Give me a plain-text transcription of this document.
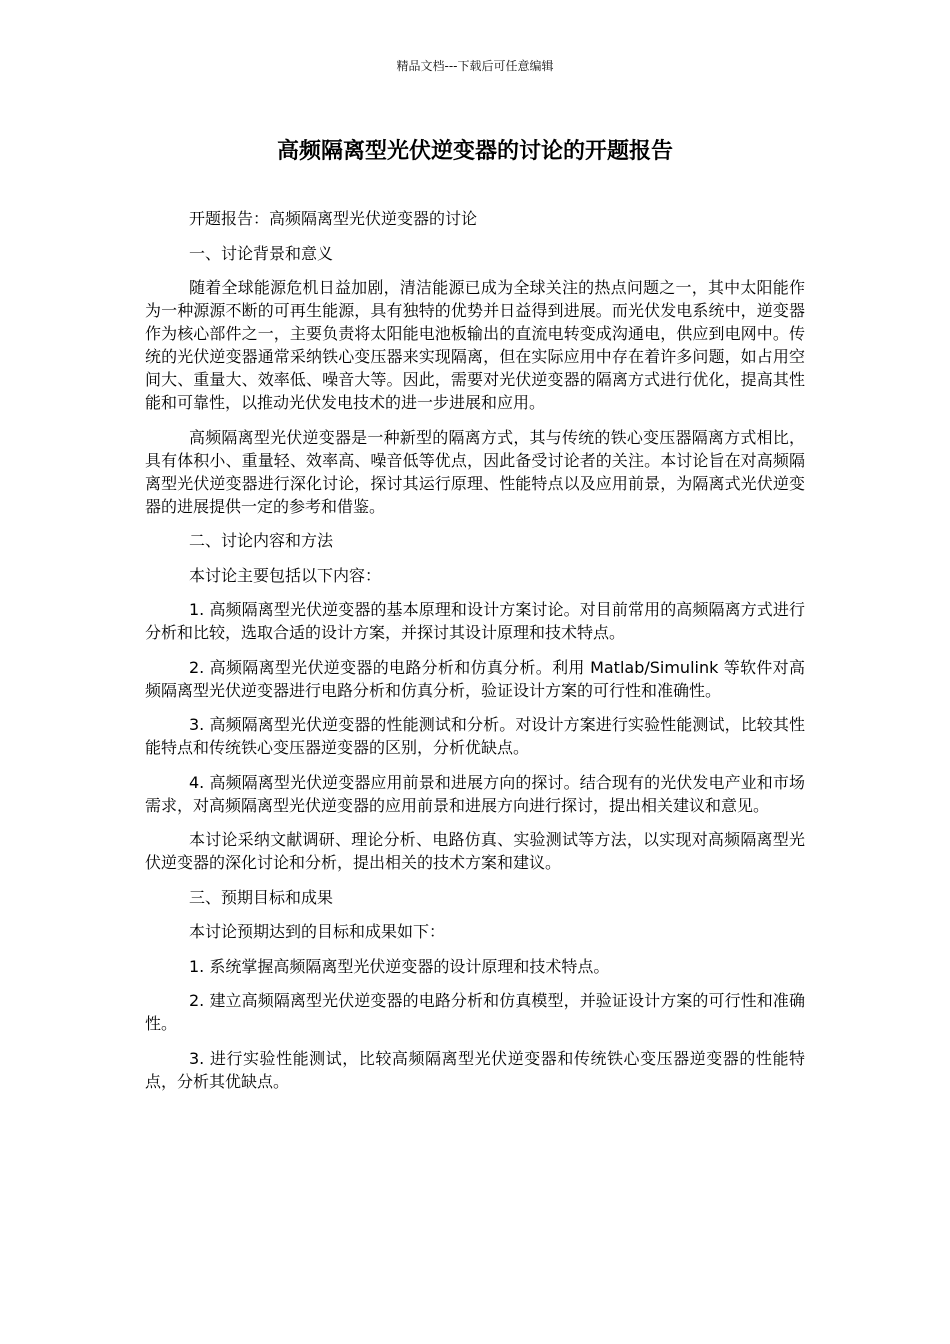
精品文档---下载后可任意编辑
高频隔离型光伏逆变器的讨论的开题报告

开题报告：高频隔离型光伏逆变器的讨论

一、讨论背景和意义

随着全球能源危机日益加剧，清洁能源已成为全球关注的热点问题之一，其中太阳能作为一种源源不断的可再生能源，具有独特的优势并日益得到进展。而光伏发电系统中，逆变器作为核心部件之一，主要负责将太阳能电池板输出的直流电转变成沟通电，供应到电网中。传统的光伏逆变器通常采纳铁心变压器来实现隔离，但在实际应用中存在着许多问题，如占用空间大、重量大、效率低、噪音大等。因此，需要对光伏逆变器的隔离方式进行优化，提高其性能和可靠性，以推动光伏发电技术的进一步进展和应用。

高频隔离型光伏逆变器是一种新型的隔离方式，其与传统的铁心变压器隔离方式相比，具有体积小、重量轻、效率高、噪音低等优点，因此备受讨论者的关注。本讨论旨在对高频隔离型光伏逆变器进行深化讨论，探讨其运行原理、性能特点以及应用前景，为隔离式光伏逆变器的进展提供一定的参考和借鉴。

二、讨论内容和方法

本讨论主要包括以下内容：

1. 高频隔离型光伏逆变器的基本原理和设计方案讨论。对目前常用的高频隔离方式进行分析和比较，选取合适的设计方案，并探讨其设计原理和技术特点。

2. 高频隔离型光伏逆变器的电路分析和仿真分析。利用 Matlab/Simulink 等软件对高频隔离型光伏逆变器进行电路分析和仿真分析，验证设计方案的可行性和准确性。

3. 高频隔离型光伏逆变器的性能测试和分析。对设计方案进行实验性能测试，比较其性能特点和传统铁心变压器逆变器的区别，分析优缺点。

4. 高频隔离型光伏逆变器应用前景和进展方向的探讨。结合现有的光伏发电产业和市场需求，对高频隔离型光伏逆变器的应用前景和进展方向进行探讨，提出相关建议和意见。

本讨论采纳文献调研、理论分析、电路仿真、实验测试等方法，以实现对高频隔离型光伏逆变器的深化讨论和分析，提出相关的技术方案和建议。

三、预期目标和成果

本讨论预期达到的目标和成果如下：

1. 系统掌握高频隔离型光伏逆变器的设计原理和技术特点。

2. 建立高频隔离型光伏逆变器的电路分析和仿真模型，并验证设计方案的可行性和准确性。

3. 进行实验性能测试，比较高频隔离型光伏逆变器和传统铁心变压器逆变器的性能特点，分析其优缺点。
